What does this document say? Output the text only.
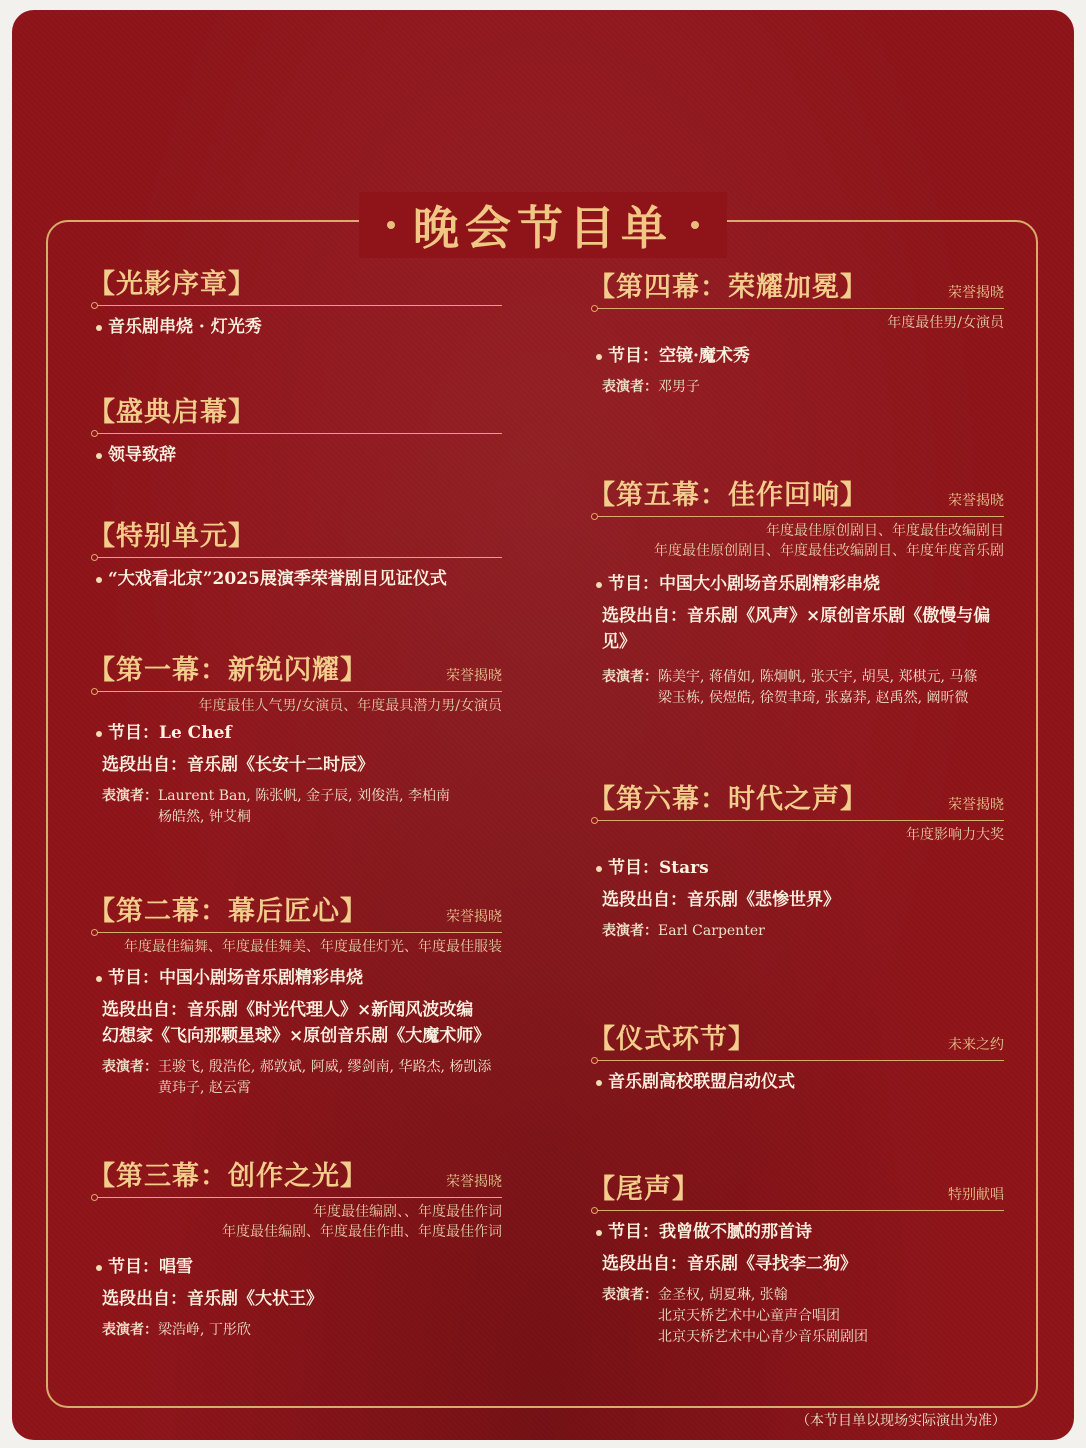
晚会节目单
【光影序章】
音乐剧串烧 · 灯光秀
【盛典启幕】
领导致辞
【特别单元】
“大戏看北京”2025展演季荣誉剧目见证仪式
【第一幕：新锐闪耀】	荣誉揭晓
年度最佳人气男/女演员、年度最具潜力男/女演员
节目：Le Chef
选段出自：音乐剧《长安十二时辰》
表演者：Laurent Ban, 陈张帆, 金子辰, 刘俊浩, 李柏南
杨皓然, 钟艾桐
【第二幕：幕后匠心】	荣誉揭晓
年度最佳编舞、年度最佳舞美、年度最佳灯光、年度最佳服装
节目：中国小剧场音乐剧精彩串烧
选段出自：音乐剧《时光代理人》×新闻风波改编
幻想家《飞向那颗星球》×原创音乐剧《大魔术师》
表演者：王骏飞, 殷浩伦, 郝敦斌, 阿威, 缪剑南, 华路杰, 杨凯添
黄玮子, 赵云霄
【第三幕：创作之光】	荣誉揭晓
年度最佳编剧、、年度最佳作词
年度最佳编剧、年度最佳作曲、年度最佳作词
节目：唱雪
选段出自：音乐剧《大状王》
表演者：梁浩峥, 丁彤欣
【第四幕：荣耀加冕】	荣誉揭晓
年度最佳男/女演员
节目：空镜·魔术秀
表演者：邓男子
【第五幕：佳作回响】	荣誉揭晓
年度最佳原创剧目、年度最佳改编剧目
年度最佳原创剧目、年度最佳改编剧目、年度年度音乐剧
节目：中国大小剧场音乐剧精彩串烧
选段出自：音乐剧《风声》×原创音乐剧《傲慢与偏见》
表演者：陈美宇, 蒋倩如, 陈炯帆, 张天宇, 胡昊, 郑棋元, 马篠
梁玉栋, 侯煜皓, 徐贺聿琦, 张嘉莽, 赵禹然, 阚昕微
【第六幕：时代之声】	荣誉揭晓
年度影响力大奖
节目：Stars
选段出自：音乐剧《悲惨世界》
表演者：Earl Carpenter
【仪式环节】	未来之约
音乐剧高校联盟启动仪式
【尾声】	特别献唱
节目：我曾做不腻的那首诗
选段出自：音乐剧《寻找李二狗》
表演者：金圣权, 胡夏琳, 张翰
北京天桥艺术中心童声合唱团
北京天桥艺术中心青少音乐剧剧团
（本节目单以现场实际演出为准）
